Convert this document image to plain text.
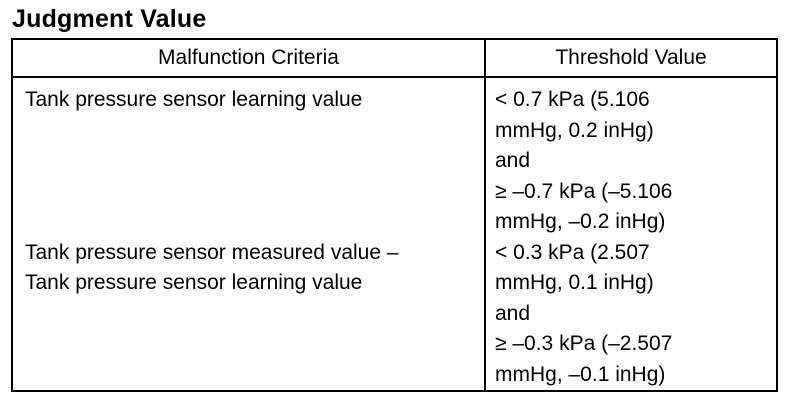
Judgment Value
Malfunction Criteria	Threshold Value

Tank pressure sensor learning value	< 0.7 kPa (5.106
mmHg, 0.2 inHg)
and
≥ –0.7 kPa (–5.106
mmHg, –0.2 inHg)

Tank pressure sensor measured value –
Tank pressure sensor learning value	< 0.3 kPa (2.507
mmHg, 0.1 inHg)
and
≥ –0.3 kPa (–2.507
mmHg, –0.1 inHg)
